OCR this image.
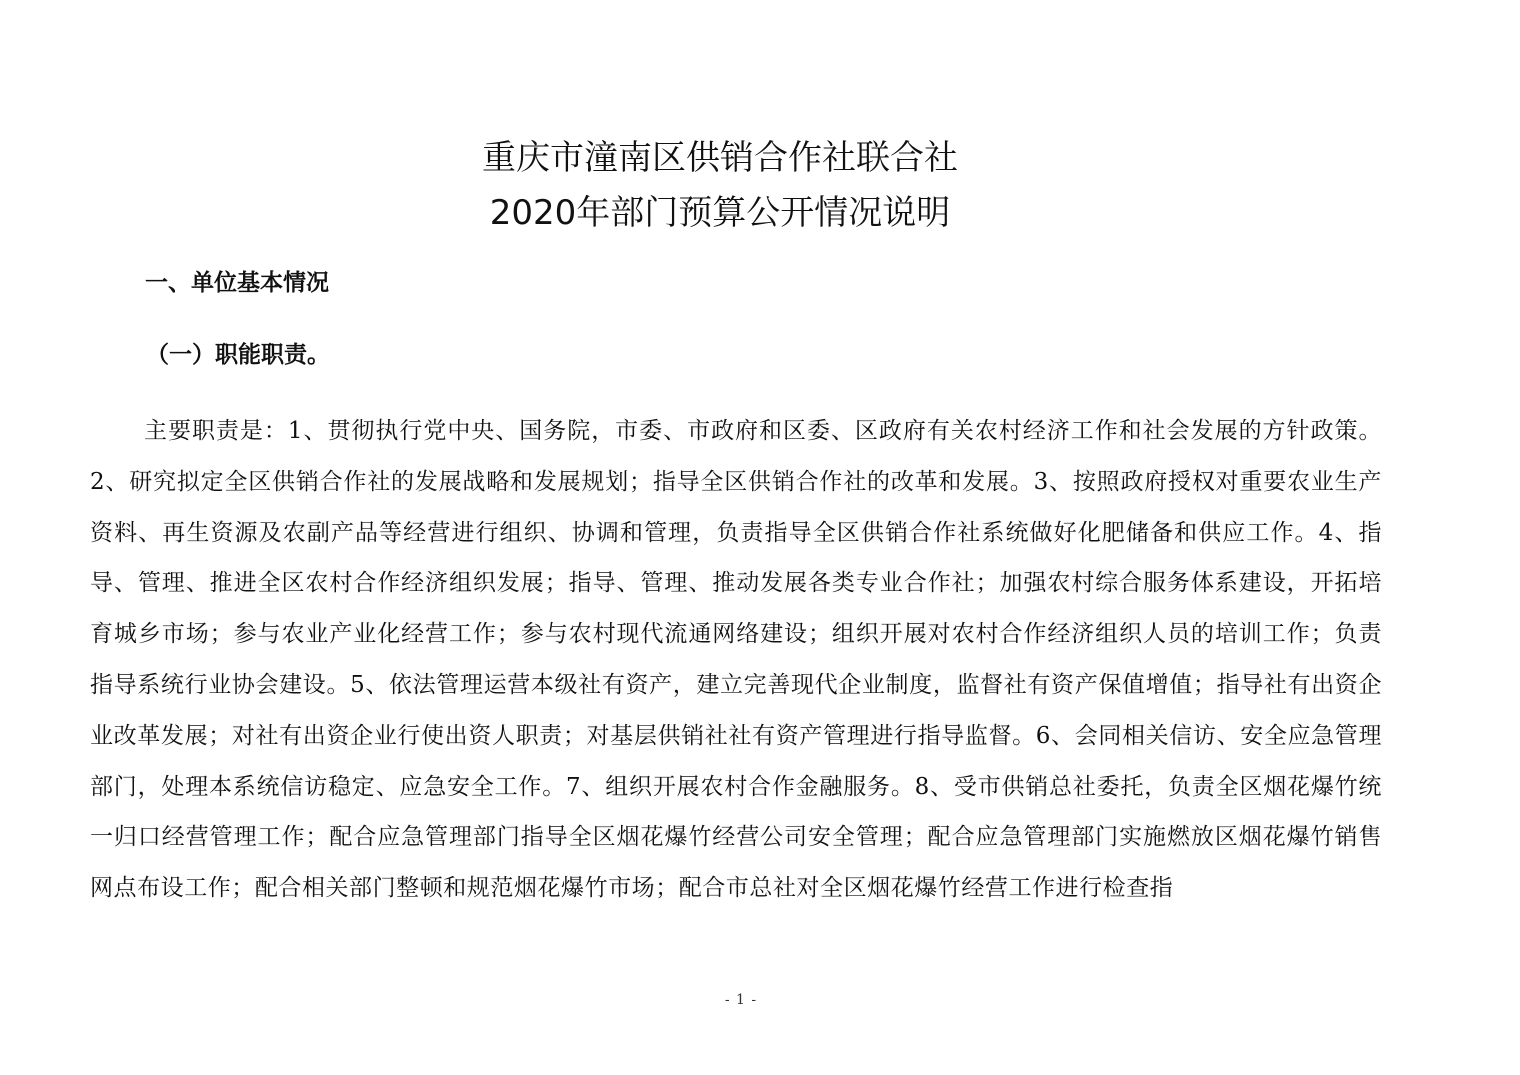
重庆市潼南区供销合作社联合社
2020年部门预算公开情况说明
一、单位基本情况
（一）职能职责。

主要职责是：1、贯彻执行党中央、国务院，市委、市政府和区委、区政府有关农村经济工作和社会发展的方针政策。2、研究拟定全区供销合作社的发展战略和发展规划；指导全区供销合作社的改革和发展。3、按照政府授权对重要农业生产资料、再生资源及农副产品等经营进行组织、协调和管理，负责指导全区供销合作社系统做好化肥储备和供应工作。4、指导、管理、推进全区农村合作经济组织发展；指导、管理、推动发展各类专业合作社；加强农村综合服务体系建设，开拓培育城乡市场；参与农业产业化经营工作；参与农村现代流通网络建设；组织开展对农村合作经济组织人员的培训工作；负责指导系统行业协会建设。5、依法管理运营本级社有资产，建立完善现代企业制度，监督社有资产保值增值；指导社有出资企业改革发展；对社有出资企业行使出资人职责；对基层供销社社有资产管理进行指导监督。6、会同相关信访、安全应急管理部门，处理本系统信访稳定、应急安全工作。7、组织开展农村合作金融服务。8、受市供销总社委托，负责全区烟花爆竹统一归口经营管理工作；配合应急管理部门指导全区烟花爆竹经营公司安全管理；配合应急管理部门实施燃放区烟花爆竹销售网点布设工作；配合相关部门整顿和规范烟花爆竹市场；配合市总社对全区烟花爆竹经营工作进行检查指

- 1 -
